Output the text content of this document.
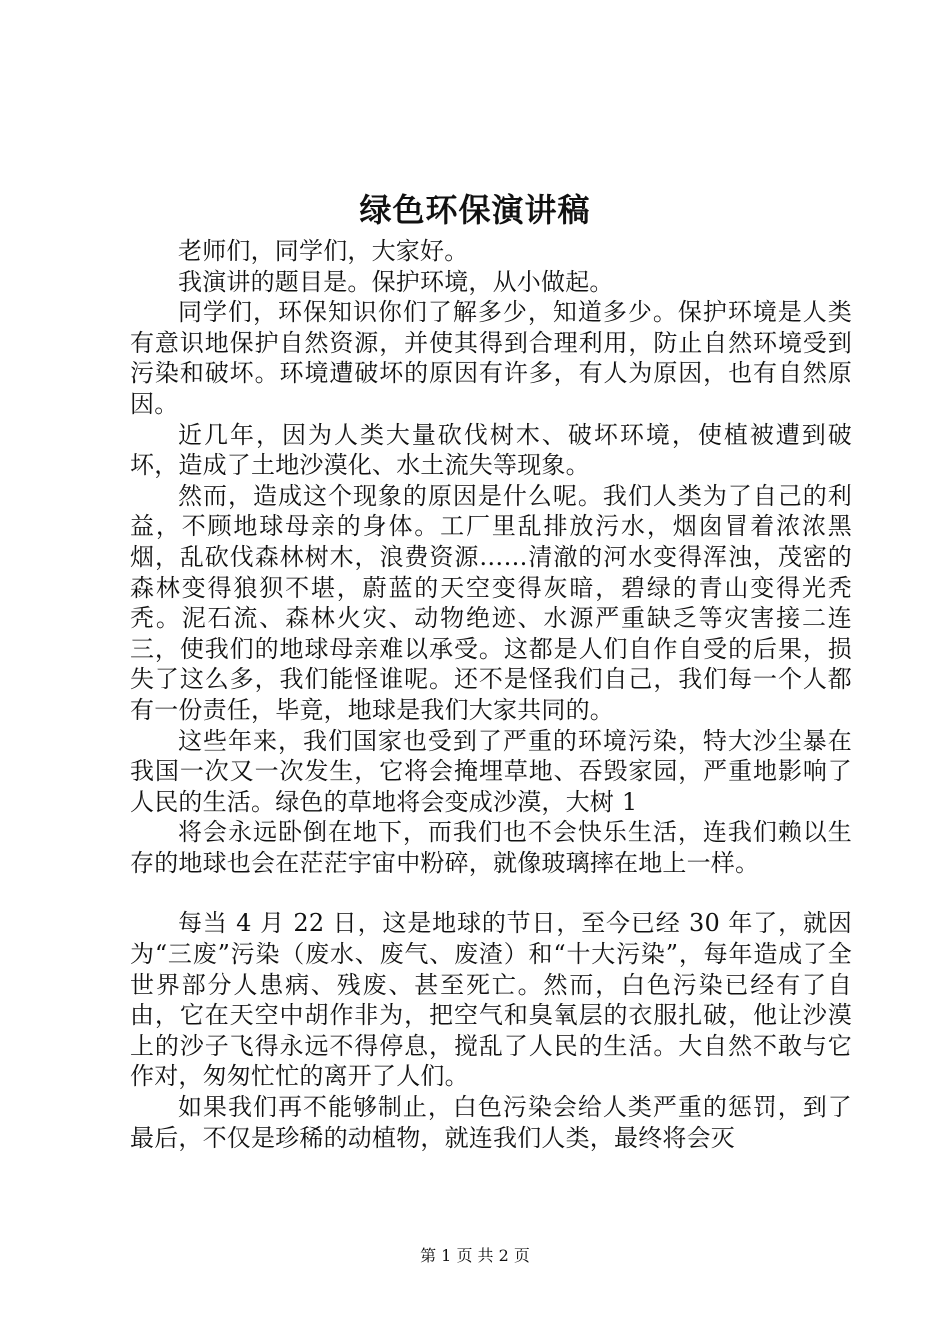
绿色环保演讲稿

老师们，同学们，大家好。

我演讲的题目是。保护环境，从小做起。

同学们，环保知识你们了解多少，知道多少。保护环境是人类有意识地保护自然资源，并使其得到合理利用，防止自然环境受到污染和破坏。环境遭破坏的原因有许多，有人为原因，也有自然原因。

近几年，因为人类大量砍伐树木、破坏环境，使植被遭到破坏，造成了土地沙漠化、水土流失等现象。

然而，造成这个现象的原因是什么呢。我们人类为了自己的利益，不顾地球母亲的身体。工厂里乱排放污水，烟囱冒着浓浓黑烟，乱砍伐森林树木，浪费资源……清澈的河水变得浑浊，茂密的森林变得狼狈不堪，蔚蓝的天空变得灰暗，碧绿的青山变得光秃秃。泥石流、森林火灾、动物绝迹、水源严重缺乏等灾害接二连三，使我们的地球母亲难以承受。这都是人们自作自受的后果，损失了这么多，我们能怪谁呢。还不是怪我们自己，我们每一个人都有一份责任，毕竟，地球是我们大家共同的。

这些年来，我们国家也受到了严重的环境污染，特大沙尘暴在我国一次又一次发生，它将会掩埋草地、吞毁家园，严重地影响了人民的生活。绿色的草地将会变成沙漠，大树 1

将会永远卧倒在地下，而我们也不会快乐生活，连我们赖以生存的地球也会在茫茫宇宙中粉碎，就像玻璃摔在地上一样。

每当 4 月 22 日，这是地球的节日，至今已经 30 年了，就因为“三废”污染（废水、废气、废渣）和“十大污染”，每年造成了全世界部分人患病、残废、甚至死亡。然而，白色污染已经有了自由，它在天空中胡作非为，把空气和臭氧层的衣服扎破，他让沙漠上的沙子飞得永远不得停息，搅乱了人民的生活。大自然不敢与它作对，匆匆忙忙的离开了人们。

如果我们再不能够制止，白色污染会给人类严重的惩罚，到了最后，不仅是珍稀的动植物，就连我们人类，最终将会灭

第 1 页 共 2 页
